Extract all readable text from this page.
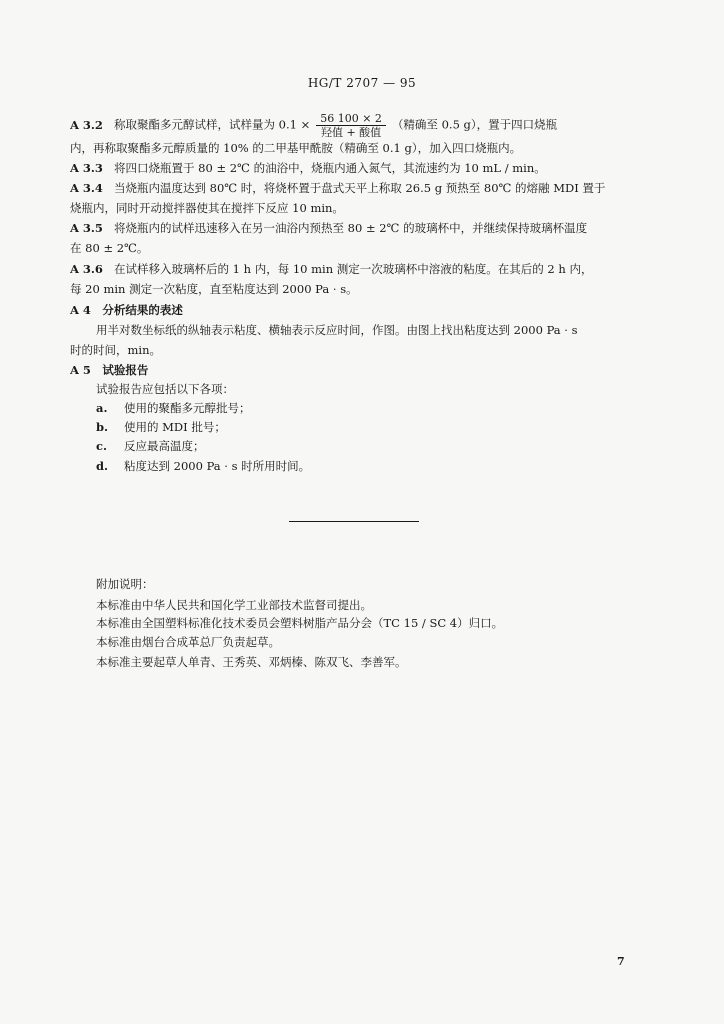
HG/T 2707 — 95
A 3.2 称取聚酯多元醇试样，试样量为 $0.1 \times \frac{56 100 \times 2}{\text{羟值 + 酸值}}$ （精确至 0.5 g），置于四口烧瓶
内，再称取聚酯多元醇质量的 10% 的二甲基甲酰胺（精确至 0.1 g），加入四口烧瓶内。
A 3.3 将四口烧瓶置于 80 ± 2℃ 的油浴中，烧瓶内通入氮气，其流速约为 10 mL / min。
A 3.4 当烧瓶内温度达到 80℃ 时，将烧杯置于盘式天平上称取 26.5 g 预热至 80℃ 的熔融 MDI 置于
烧瓶内，同时开动搅拌器使其在搅拌下反应 10 min。
A 3.5 将烧瓶内的试样迅速移入在另一油浴内预热至 80 ± 2℃ 的玻璃杯中，并继续保持玻璃杯温度
在 80 ± 2℃。
A 3.6 在试样移入玻璃杯后的 1 h 内，每 10 min 测定一次玻璃杯中溶液的粘度。在其后的 2 h 内，
每 20 min 测定一次粘度，直至粘度达到 2000 Pa · s。
A 4　分析结果的表述
用半对数坐标纸的纵轴表示粘度、横轴表示反应时间，作图。由图上找出粘度达到 2000 Pa · s
时的时间，min。
A 5　试验报告
试验报告应包括以下各项：
a. 使用的聚酯多元醇批号；
b. 使用的 MDI 批号；
c. 反应最高温度；
d. 粘度达到 2000 Pa · s 时所用时间。
附加说明：
本标准由中华人民共和国化学工业部技术监督司提出。
本标准由全国塑料标准化技术委员会塑料树脂产品分会（TC 15 / SC 4）归口。
本标准由烟台合成革总厂负责起草。
本标准主要起草人单青、王秀英、邓炳榛、陈双飞、李善军。
7
